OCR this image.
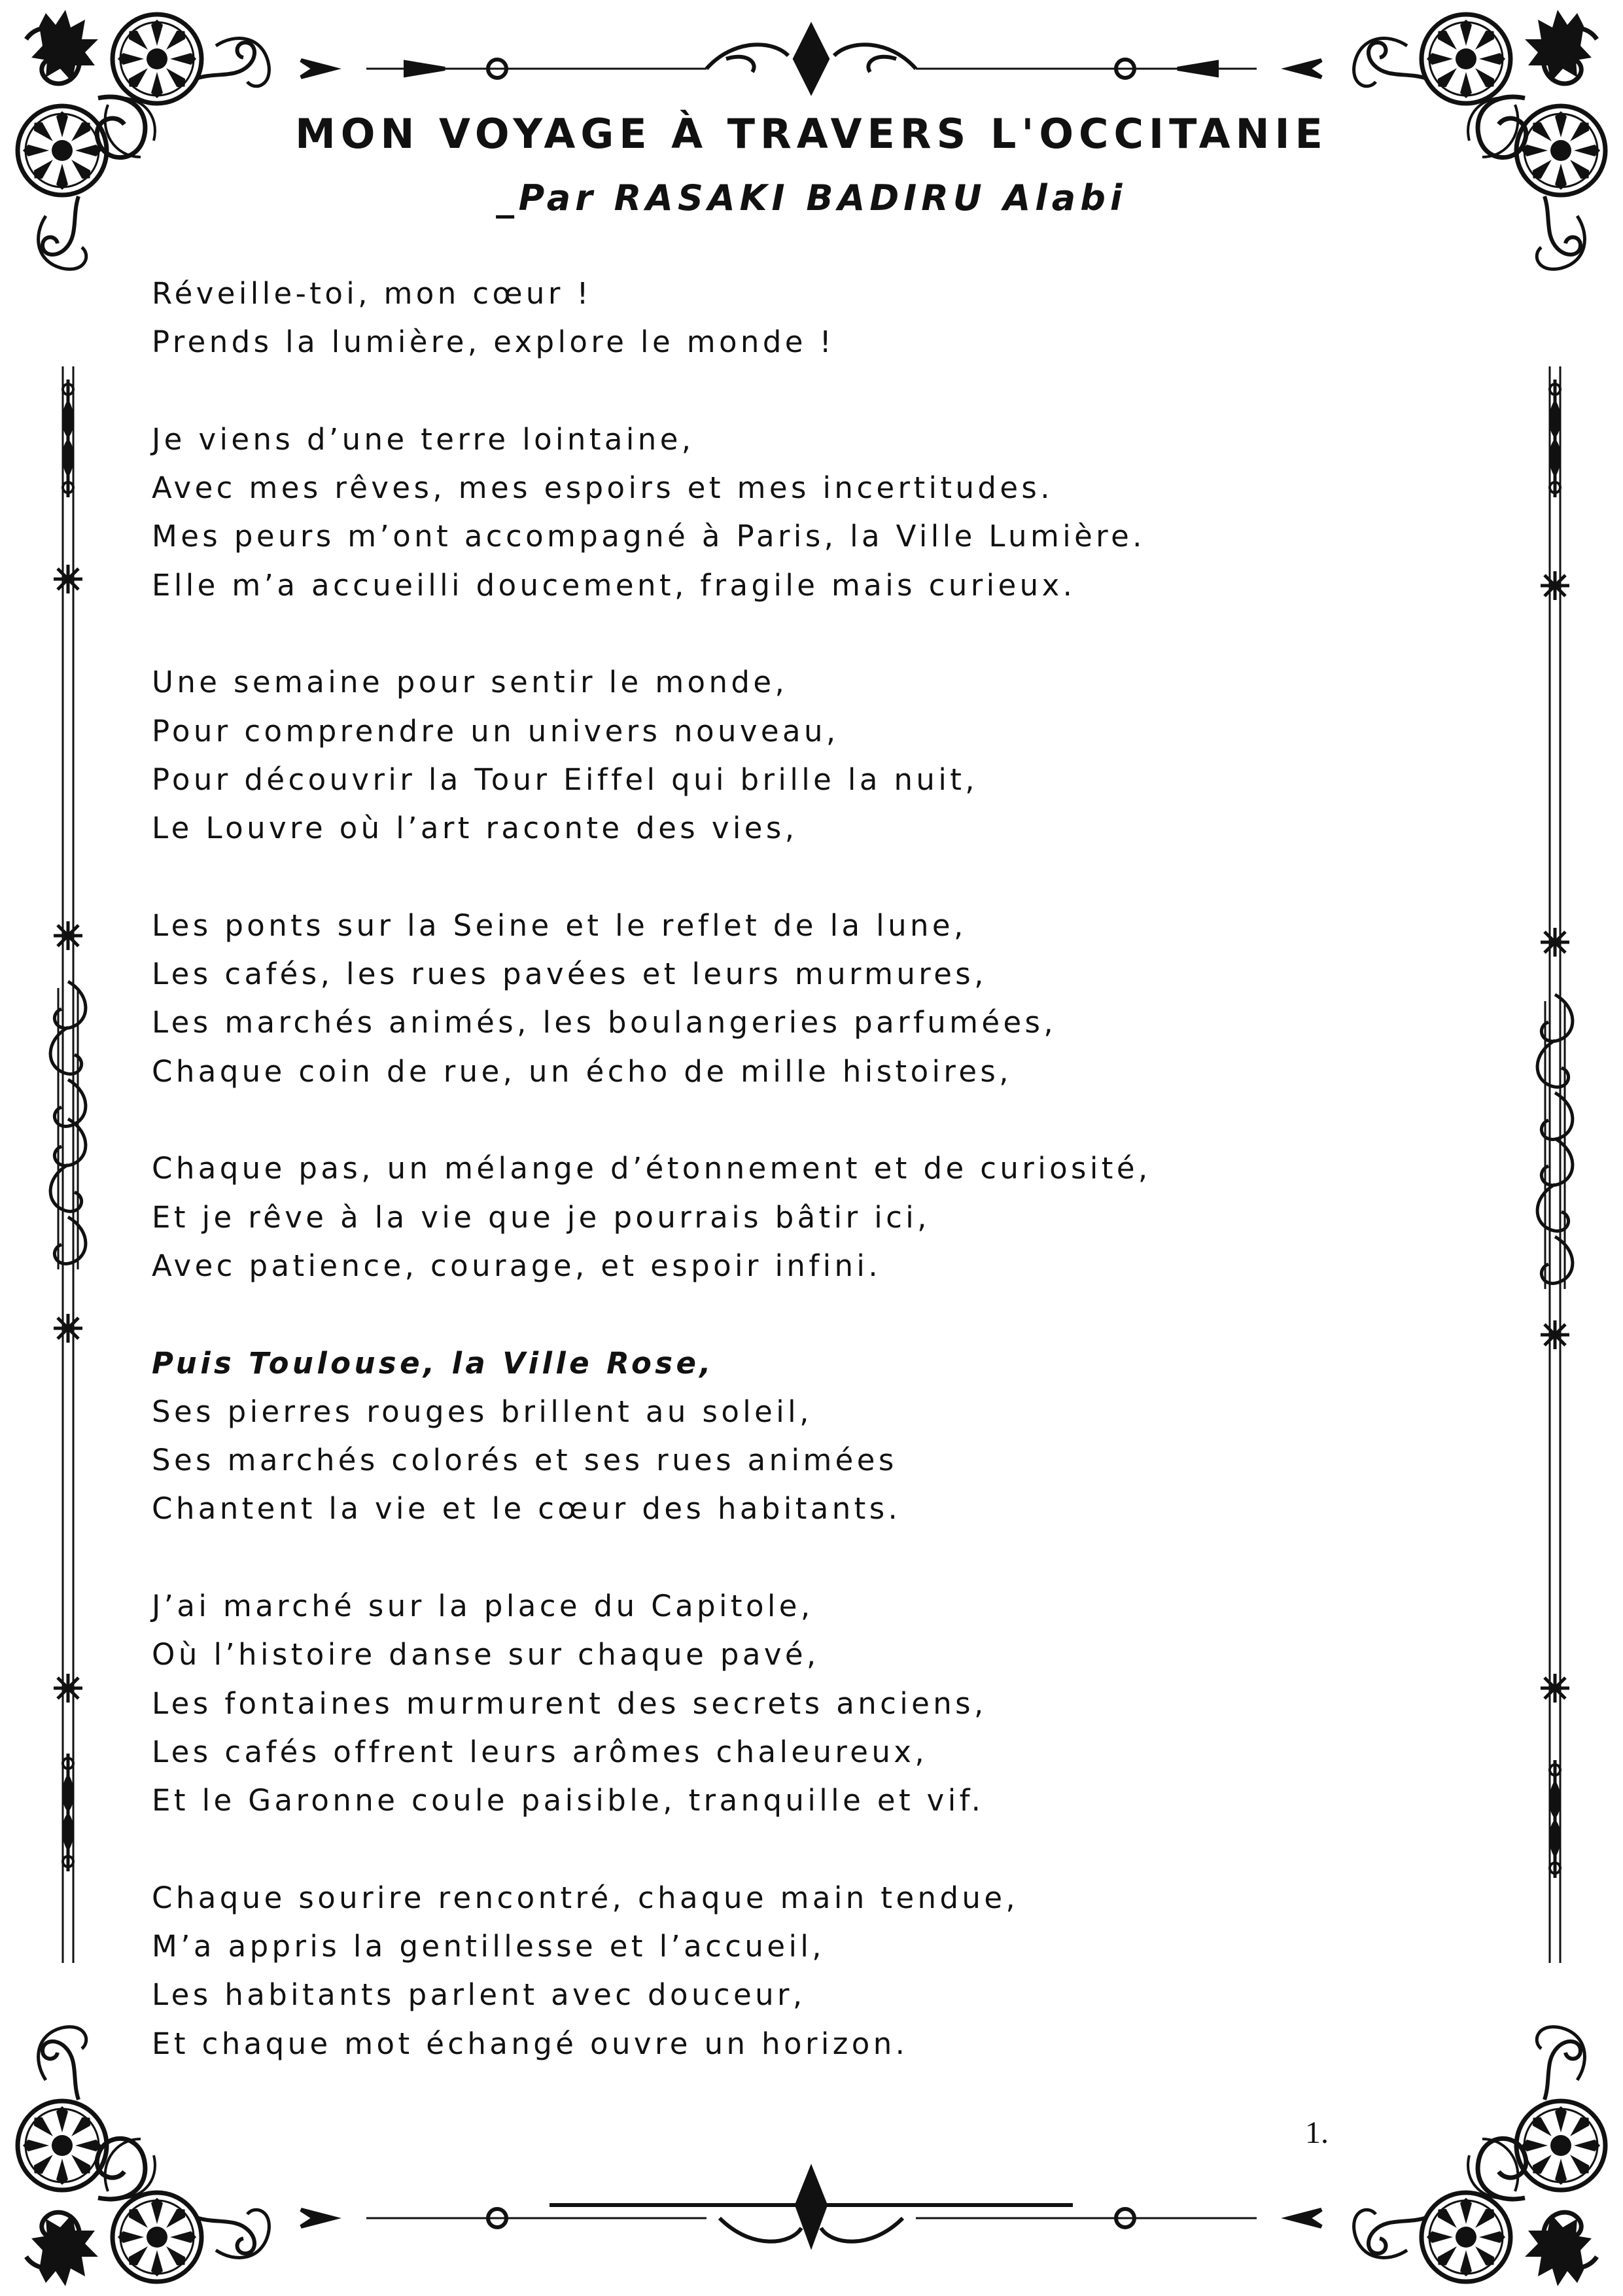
MON VOYAGE À TRAVERS L'OCCITANIE
_Par RASAKI BADIRU Alabi
Réveille-toi, mon cœur !
Prends la lumière, explore le monde !
Je viens d’une terre lointaine,
Avec mes rêves, mes espoirs et mes incertitudes.
Mes peurs m’ont accompagné à Paris, la Ville Lumière.
Elle m’a accueilli doucement, fragile mais curieux.
Une semaine pour sentir le monde,
Pour comprendre un univers nouveau,
Pour découvrir la Tour Eiffel qui brille la nuit,
Le Louvre où l’art raconte des vies,
Les ponts sur la Seine et le reflet de la lune,
Les cafés, les rues pavées et leurs murmures,
Les marchés animés, les boulangeries parfumées,
Chaque coin de rue, un écho de mille histoires,
Chaque pas, un mélange d’étonnement et de curiosité,
Et je rêve à la vie que je pourrais bâtir ici,
Avec patience, courage, et espoir infini.
Puis Toulouse, la Ville Rose,
Ses pierres rouges brillent au soleil,
Ses marchés colorés et ses rues animées
Chantent la vie et le cœur des habitants.
J’ai marché sur la place du Capitole,
Où l’histoire danse sur chaque pavé,
Les fontaines murmurent des secrets anciens,
Les cafés offrent leurs arômes chaleureux,
Et le Garonne coule paisible, tranquille et vif.
Chaque sourire rencontré, chaque main tendue,
M’a appris la gentillesse et l’accueil,
Les habitants parlent avec douceur,
Et chaque mot échangé ouvre un horizon.
1.
